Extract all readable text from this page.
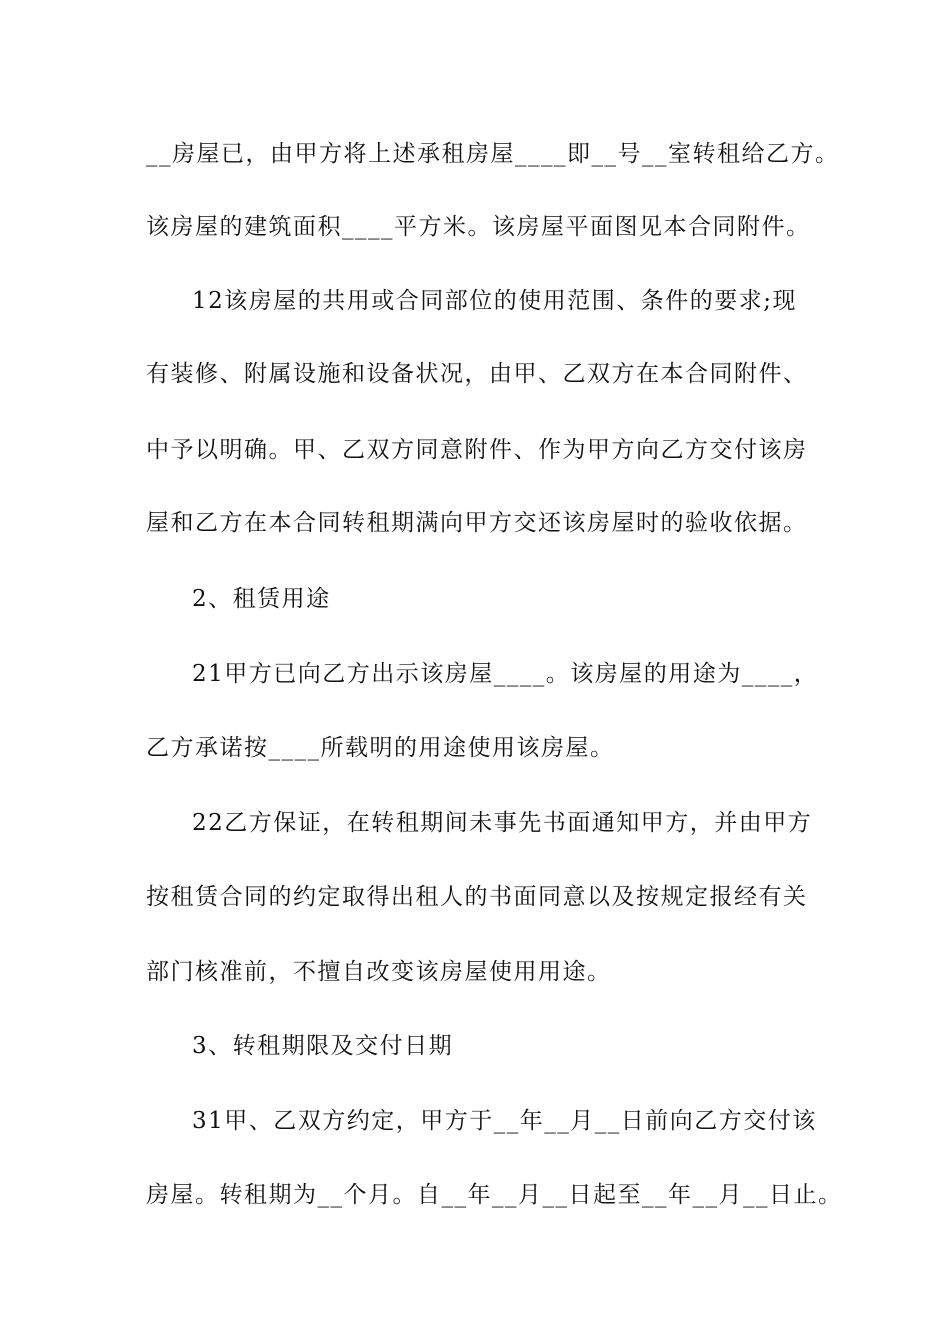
__房屋已，由甲方将上述承租房屋____即__号__室转租给乙方。
该房屋的建筑面积____平方米。该房屋平面图见本合同附件。
12该房屋的共用或合同部位的使用范围、条件的要求;现
有装修、附属设施和设备状况，由甲、乙双方在本合同附件、
中予以明确。甲、乙双方同意附件、作为甲方向乙方交付该房
屋和乙方在本合同转租期满向甲方交还该房屋时的验收依据。
2、租赁用途
21甲方已向乙方出示该房屋____。该房屋的用途为____，
乙方承诺按____所载明的用途使用该房屋。
22乙方保证，在转租期间未事先书面通知甲方，并由甲方
按租赁合同的约定取得出租人的书面同意以及按规定报经有关
部门核准前，不擅自改变该房屋使用用途。
3、转租期限及交付日期
31甲、乙双方约定，甲方于__年__月__日前向乙方交付该
房屋。转租期为__个月。自__年__月__日起至__年__月__日止。
